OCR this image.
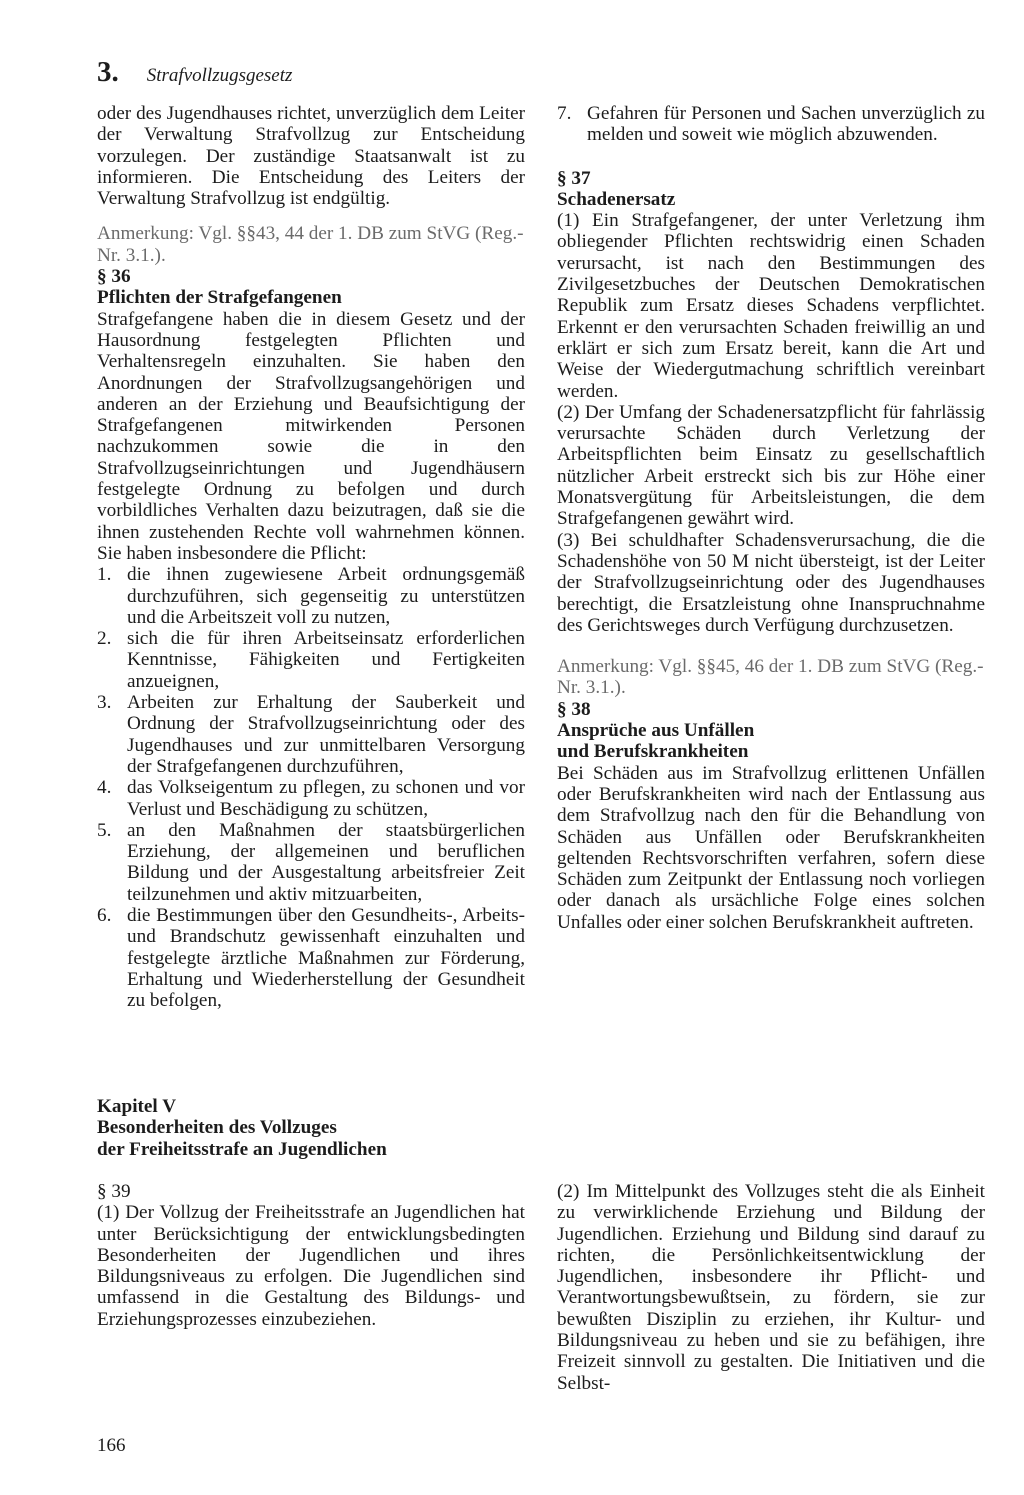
3. Strafvollzugsgesetz

oder des Jugendhauses richtet, unverzüglich dem Leiter der Verwaltung Strafvollzug zur Entscheidung vorzulegen. Der zuständige Staatsanwalt ist zu informieren. Die Entscheidung des Leiters der Verwaltung Strafvollzug ist endgültig.

Anmerkung: Vgl. §§43, 44 der 1. DB zum StVG (Reg.-Nr. 3.1.).

§ 36

Pflichten der Strafgefangenen

Strafgefangene haben die in diesem Gesetz und der Hausordnung festgelegten Pflichten und Verhaltensregeln einzuhalten. Sie haben den Anordnungen der Strafvollzugsangehörigen und anderen an der Erziehung und Beaufsichtigung der Strafgefangenen mitwirkenden Personen nachzukommen sowie die in den Strafvollzugseinrichtungen und Jugendhäusern festgelegte Ordnung zu befolgen und durch vorbildliches Verhalten dazu beizutragen, daß sie die ihnen zustehenden Rechte voll wahrnehmen können. Sie haben insbesondere die Pflicht:

1. die ihnen zugewiesene Arbeit ordnungsgemäß durchzuführen, sich gegenseitig zu unterstützen und die Arbeitszeit voll zu nutzen,
2. sich die für ihren Arbeitseinsatz erforderlichen Kenntnisse, Fähigkeiten und Fertigkeiten anzueignen,
3. Arbeiten zur Erhaltung der Sauberkeit und Ordnung der Strafvollzugseinrichtung oder des Jugendhauses und zur unmittelbaren Versorgung der Strafgefangenen durchzuführen,
4. das Volkseigentum zu pflegen, zu schonen und vor Verlust und Beschädigung zu schützen,
5. an den Maßnahmen der staatsbürgerlichen Erziehung, der allgemeinen und beruflichen Bildung und der Ausgestaltung arbeitsfreier Zeit teilzunehmen und aktiv mitzuarbeiten,
6. die Bestimmungen über den Gesundheits-, Arbeits- und Brandschutz gewissenhaft einzuhalten und festgelegte ärztliche Maßnahmen zur Förderung, Erhaltung und Wiederherstellung der Gesundheit zu befolgen,
7. Gefahren für Personen und Sachen unverzüglich zu melden und soweit wie möglich abzuwenden.

§ 37

Schadenersatz

(1) Ein Strafgefangener, der unter Verletzung ihm obliegender Pflichten rechtswidrig einen Schaden verursacht, ist nach den Bestimmungen des Zivilgesetzbuches der Deutschen Demokratischen Republik zum Ersatz dieses Schadens verpflichtet. Erkennt er den verursachten Schaden freiwillig an und erklärt er sich zum Ersatz bereit, kann die Art und Weise der Wiedergutmachung schriftlich vereinbart werden.

(2) Der Umfang der Schadenersatzpflicht für fahrlässig verursachte Schäden durch Verletzung der Arbeitspflichten beim Einsatz zu gesellschaftlich nützlicher Arbeit erstreckt sich bis zur Höhe einer Monatsvergütung für Arbeitsleistungen, die dem Strafgefangenen gewährt wird.

(3) Bei schuldhafter Schadensverursachung, die die Schadenshöhe von 50 M nicht übersteigt, ist der Leiter der Strafvollzugseinrichtung oder des Jugendhauses berechtigt, die Ersatzleistung ohne Inanspruchnahme des Gerichtsweges durch Verfügung durchzusetzen.

Anmerkung: Vgl. §§45, 46 der 1. DB zum StVG (Reg.-Nr. 3.1.).

§ 38

Ansprüche aus Unfällen

und Berufskrankheiten

Bei Schäden aus im Strafvollzug erlittenen Unfällen oder Berufskrankheiten wird nach der Entlassung aus dem Strafvollzug nach den für die Behandlung von Schäden aus Unfällen oder Berufskrankheiten geltenden Rechtsvorschriften verfahren, sofern diese Schäden zum Zeitpunkt der Entlassung noch vorliegen oder danach als ursächliche Folge eines solchen Unfalles oder einer solchen Berufskrankheit auftreten.

Kapitel V
Besonderheiten des Vollzuges
der Freiheitsstrafe an Jugendlichen

§ 39

(1) Der Vollzug der Freiheitsstrafe an Jugendlichen hat unter Berücksichtigung der entwicklungsbedingten Besonderheiten der Jugendlichen und ihres Bildungsniveaus zu erfolgen. Die Jugendlichen sind umfassend in die Gestaltung des Bildungs- und Erziehungsprozesses einzubeziehen.

(2) Im Mittelpunkt des Vollzuges steht die als Einheit zu verwirklichende Erziehung und Bildung der Jugendlichen. Erziehung und Bildung sind darauf zu richten, die Persönlichkeitsentwicklung der Jugendlichen, insbesondere ihr Pflicht- und Verantwortungsbewußtsein, zu fördern, sie zur bewußten Disziplin zu erziehen, ihr Kultur- und Bildungsniveau zu heben und sie zu befähigen, ihre Freizeit sinnvoll zu gestalten. Die Initiativen und die Selbst-

166
